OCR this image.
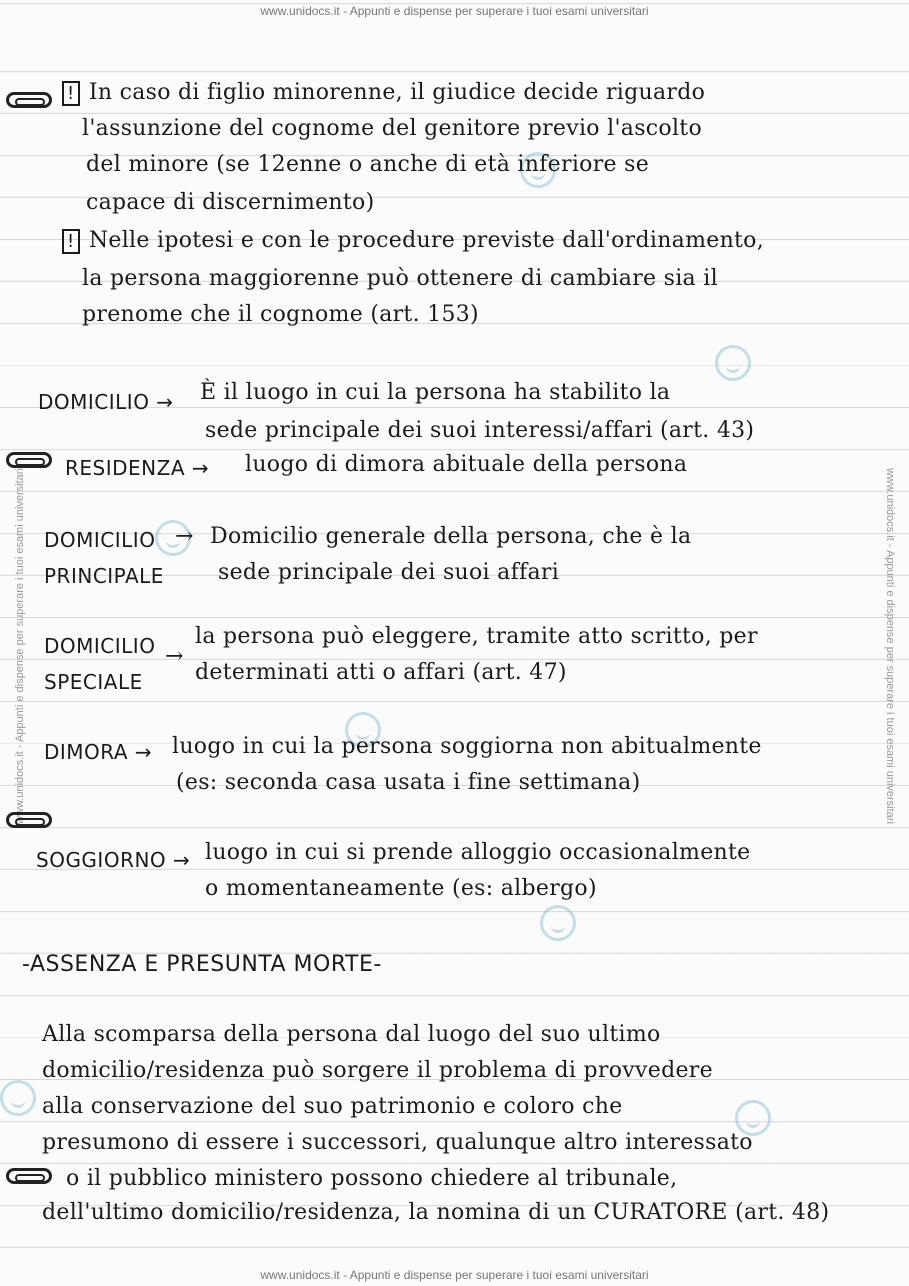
www.unidocs.it - Appunti e dispense per superare i tuoi esami universitari
www.unidocs.it - Appunti e dispense per superare i tuoi esami universitari
www.unidocs.it - Appunti e dispense per superare i tuoi esami universitari	www.unidocs.it - Appunti e dispense per superare i tuoi esami universitari

! In caso di figlio minorenne, il giudice decide riguardo

l'assunzione del cognome del genitore previo l'ascolto

del minore (se 12enne o anche di età inferiore se

capace di discernimento)

! Nelle ipotesi e con le procedure previste dall'ordinamento,

la persona maggiorenne può ottenere di cambiare sia il

prenome che il cognome (art. 153)

DOMICILIO → È il luogo in cui la persona ha stabilito la

sede principale dei suoi interessi/affari (art. 43)

RESIDENZA → luogo di dimora abituale della persona

DOMICILIO

PRINCIPALE

→ Domicilio generale della persona, che è la

sede principale dei suoi affari

DOMICILIO

SPECIALE

→

la persona può eleggere, tramite atto scritto, per

determinati atti o affari (art. 47)

DIMORA → luogo in cui la persona soggiorna non abitualmente

(es: seconda casa usata i fine settimana)

SOGGIORNO → luogo in cui si prende alloggio occasionalmente

o momentaneamente (es: albergo)

-ASSENZA E PRESUNTA MORTE-

Alla scomparsa della persona dal luogo del suo ultimo

domicilio/residenza può sorgere il problema di provvedere

alla conservazione del suo patrimonio e coloro che

presumono di essere i successori, qualunque altro interessato

o il pubblico ministero possono chiedere al tribunale,

dell'ultimo domicilio/residenza, la nomina di un CURATORE (art. 48)
